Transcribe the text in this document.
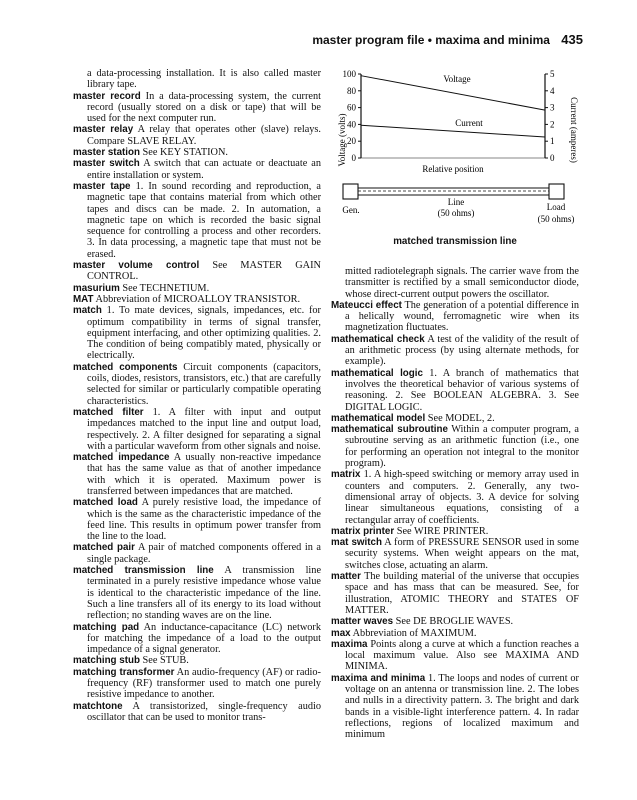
master program file • maxima and minima 435

a data-processing installation. It is also called master library tape.

master record In a data-processing system, the current record (usually stored on a disk or tape) that will be used for the next computer run.

master relay A relay that operates other (slave) relays. Compare SLAVE RELAY.

master station See KEY STATION.

master switch A switch that can actuate or deactuate an entire installation or system.

master tape 1. In sound recording and reproduction, a magnetic tape that contains material from which other tapes and discs can be made. 2. In automation, a magnetic tape on which is recorded the basic signal sequence for controlling a process and other recorders. 3. In data processing, a magnetic tape that must not be erased.

master volume control See MASTER GAIN CONTROL.

masurium See TECHNETIUM.

MAT Abbreviation of MICROALLOY TRANSISTOR.

match 1. To mate devices, signals, impedances, etc. for optimum compatibility in terms of signal transfer, equipment interfacing, and other optimizing qualities. 2. The condition of being compatibly mated, physically or electrically.

matched components Circuit components (capacitors, coils, diodes, resistors, transistors, etc.) that are carefully selected for similar or particularly compatible operating characteristics.

matched filter 1. A filter with input and output impedances matched to the input line and output load, respectively. 2. A filter designed for separating a signal with a particular waveform from other signals and noise.

matched impedance A usually non-reactive impedance that has the same value as that of another impedance with which it is operated. Maximum power is transferred between impedances that are matched.

matched load A purely resistive load, the impedance of which is the same as the characteristic impedance of the feed line. This results in optimum power transfer from the line to the load.

matched pair A pair of matched components offered in a single package.

matched transmission line A transmission line terminated in a purely resistive impedance whose value is identical to the characteristic impedance of the line. Such a line transfers all of its energy to its load without reflection; no standing waves are on the line.

matching pad An inductance-capacitance (LC) network for matching the impedance of a load to the output impedance of a signal generator.

matching stub See STUB.

matching transformer An audio-frequency (AF) or radio-frequency (RF) transformer used to match one purely resistive impedance to another.

matchtone A transistorized, single-frequency audio oscillator that can be used to monitor trans-

Voltage (volts)	Current (amperes)
100
80
60
40
20
0
5
4
3
2
1
0
Voltage
Current
Relative position
Gen.
Line
(50 ohms)
Load
(50 ohms)
matched transmission line

mitted radiotelegraph signals. The carrier wave from the transmitter is rectified by a small semiconductor diode, whose direct-current output powers the oscillator.

Mateucci effect The generation of a potential difference in a helically wound, ferromagnetic wire when its magnetization fluctuates.

mathematical check A test of the validity of the result of an arithmetic process (by using alternate methods, for example).

mathematical logic 1. A branch of mathematics that involves the theoretical behavior of various systems of reasoning. 2. See BOOLEAN ALGEBRA. 3. See DIGITAL LOGIC.

mathematical model See MODEL, 2.

mathematical subroutine Within a computer program, a subroutine serving as an arithmetic function (i.e., one for performing an operation not integral to the monitor program).

matrix 1. A high-speed switching or memory array used in counters and computers. 2. Generally, any two-dimensional array of objects. 3. A device for solving linear simultaneous equations, consisting of a rectangular array of coefficients.

matrix printer See WIRE PRINTER.

mat switch A form of PRESSURE SENSOR used in some security systems. When weight appears on the mat, switches close, actuating an alarm.

matter The building material of the universe that occupies space and has mass that can be measured. See, for illustration, ATOMIC THEORY and STATES OF MATTER.

matter waves See DE BROGLIE WAVES.

max Abbreviation of MAXIMUM.

maxima Points along a curve at which a function reaches a local maximum value. Also see MAXIMA AND MINIMA.

maxima and minima 1. The loops and nodes of current or voltage on an antenna or transmission line. 2. The lobes and nulls in a directivity pattern. 3. The bright and dark bands in a visible-light interference pattern. 4. In radar reflections, regions of localized maximum and minimum
